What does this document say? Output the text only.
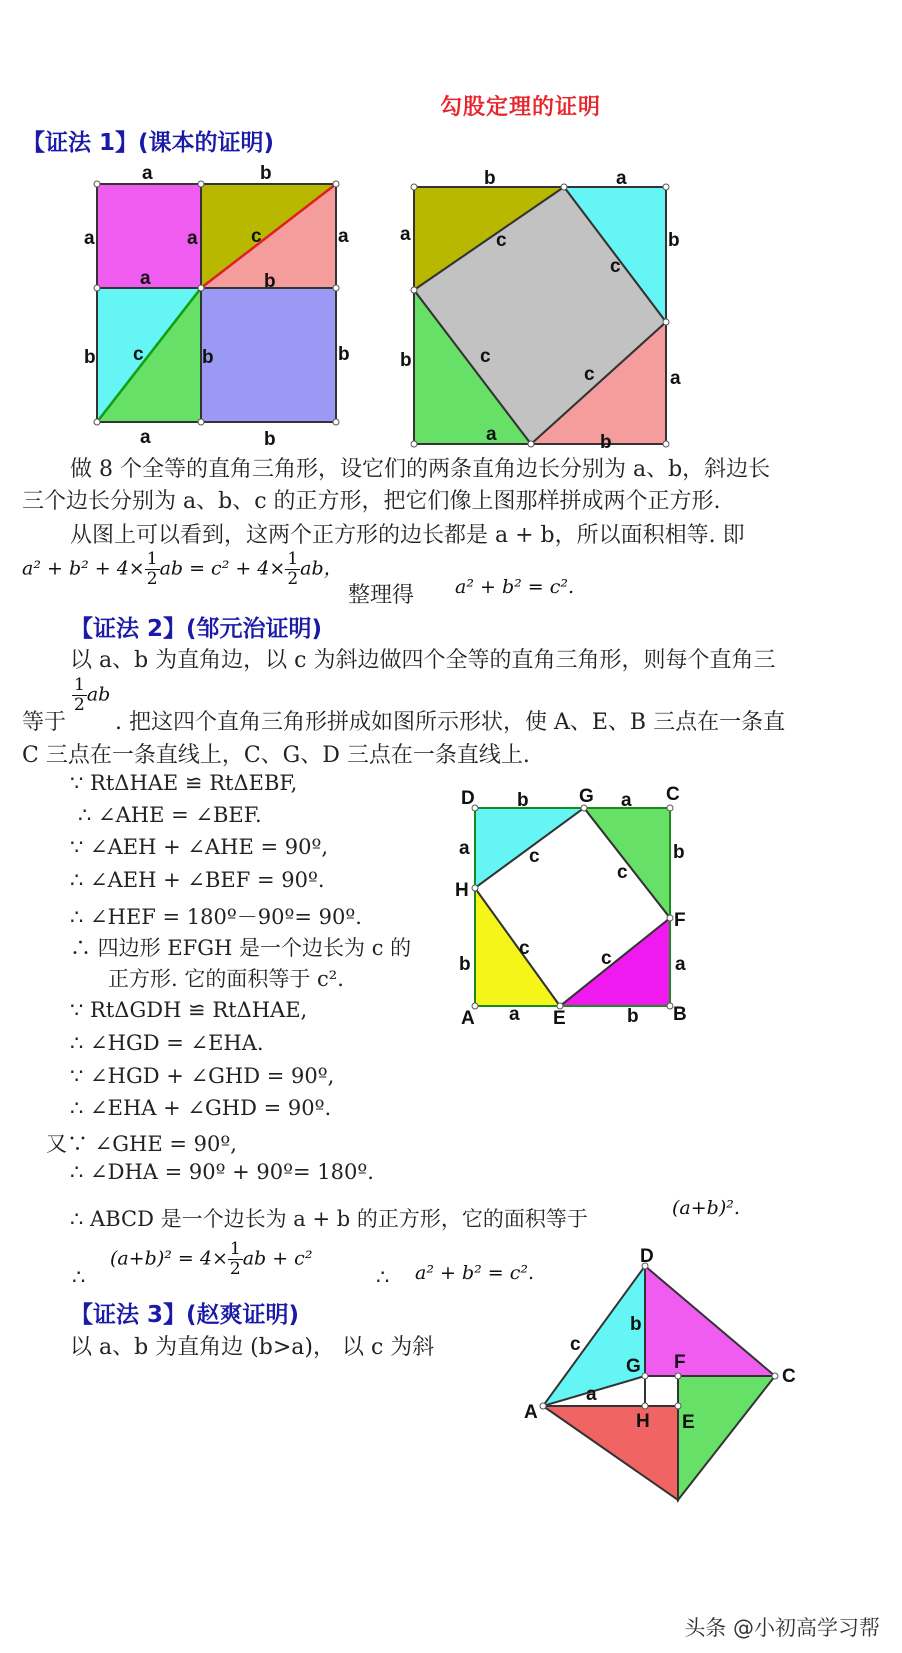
勾股定理的证明
【证法 1】(课本的证明)
a	b
a	a	c	a
a	b
b c	b	b
a	b
b	a
a	c
c
b
c
b
c	a
a	b
做 8 个全等的直角三角形，设它们的两条直角边长分别为 a、b，斜边长
三个边长分别为 a、b、c 的正方形，把它们像上图那样拼成两个正方形.
从图上可以看到，这两个正方形的边长都是 a + b，所以面积相等. 即
$a^2 + b^2 + 4\times \frac{1}{2}$ ab = $c^2 + 4\times \frac{1}{2}$ ab，
整理得 a² + b² = c².
【证法 2】(邹元治证明)
以 a、b 为直角边，以 c 为斜边做四个全等的直角三角形，则每个直角三
等于
$\frac{1}{2}$ ab
. 把这四个直角三角形拼成如图所示形状，使 A、E、B 三点在一条直
C 三点在一条直线上，C、G、D 三点在一条直线上.
∵ RtΔHAE ≌ RtΔEBF,
∴ ∠AHE = ∠BEF.
∵ ∠AEH + ∠AHE = 90º,
∴ ∠AEH + ∠BEF = 90º.
∴ ∠HEF = 180º－90º= 90º.
∴ 四边形 EFGH 是一个边长为 c 的
正方形. 它的面积等于 c².
∵ RtΔGDH ≌ RtΔHAE,
∴ ∠HGD = ∠EHA.
∵ ∠HGD + ∠GHD = 90º,
∴ ∠EHA + ∠GHD = 90º.
又∵ ∠GHE = 90º,
∴ ∠DHA = 90º + 90º= 180º.
D	G	C
H
F
A	E	B
b	a
a	b
c
c
c	c
b	a
a	b
∴ ABCD 是一个边长为 a + b 的正方形，它的面积等于	(a+b)².
∴
$(a+b)^2 = 4\times \frac{1}{2}$ ab + c²
∴ a² + b² = c².
【证法 3】(赵爽证明)
以 a、b 为直角边 (b>a)， 以 c 为斜
D
c
b
G F
C
A
a
H E
头条 @小初高学习帮
